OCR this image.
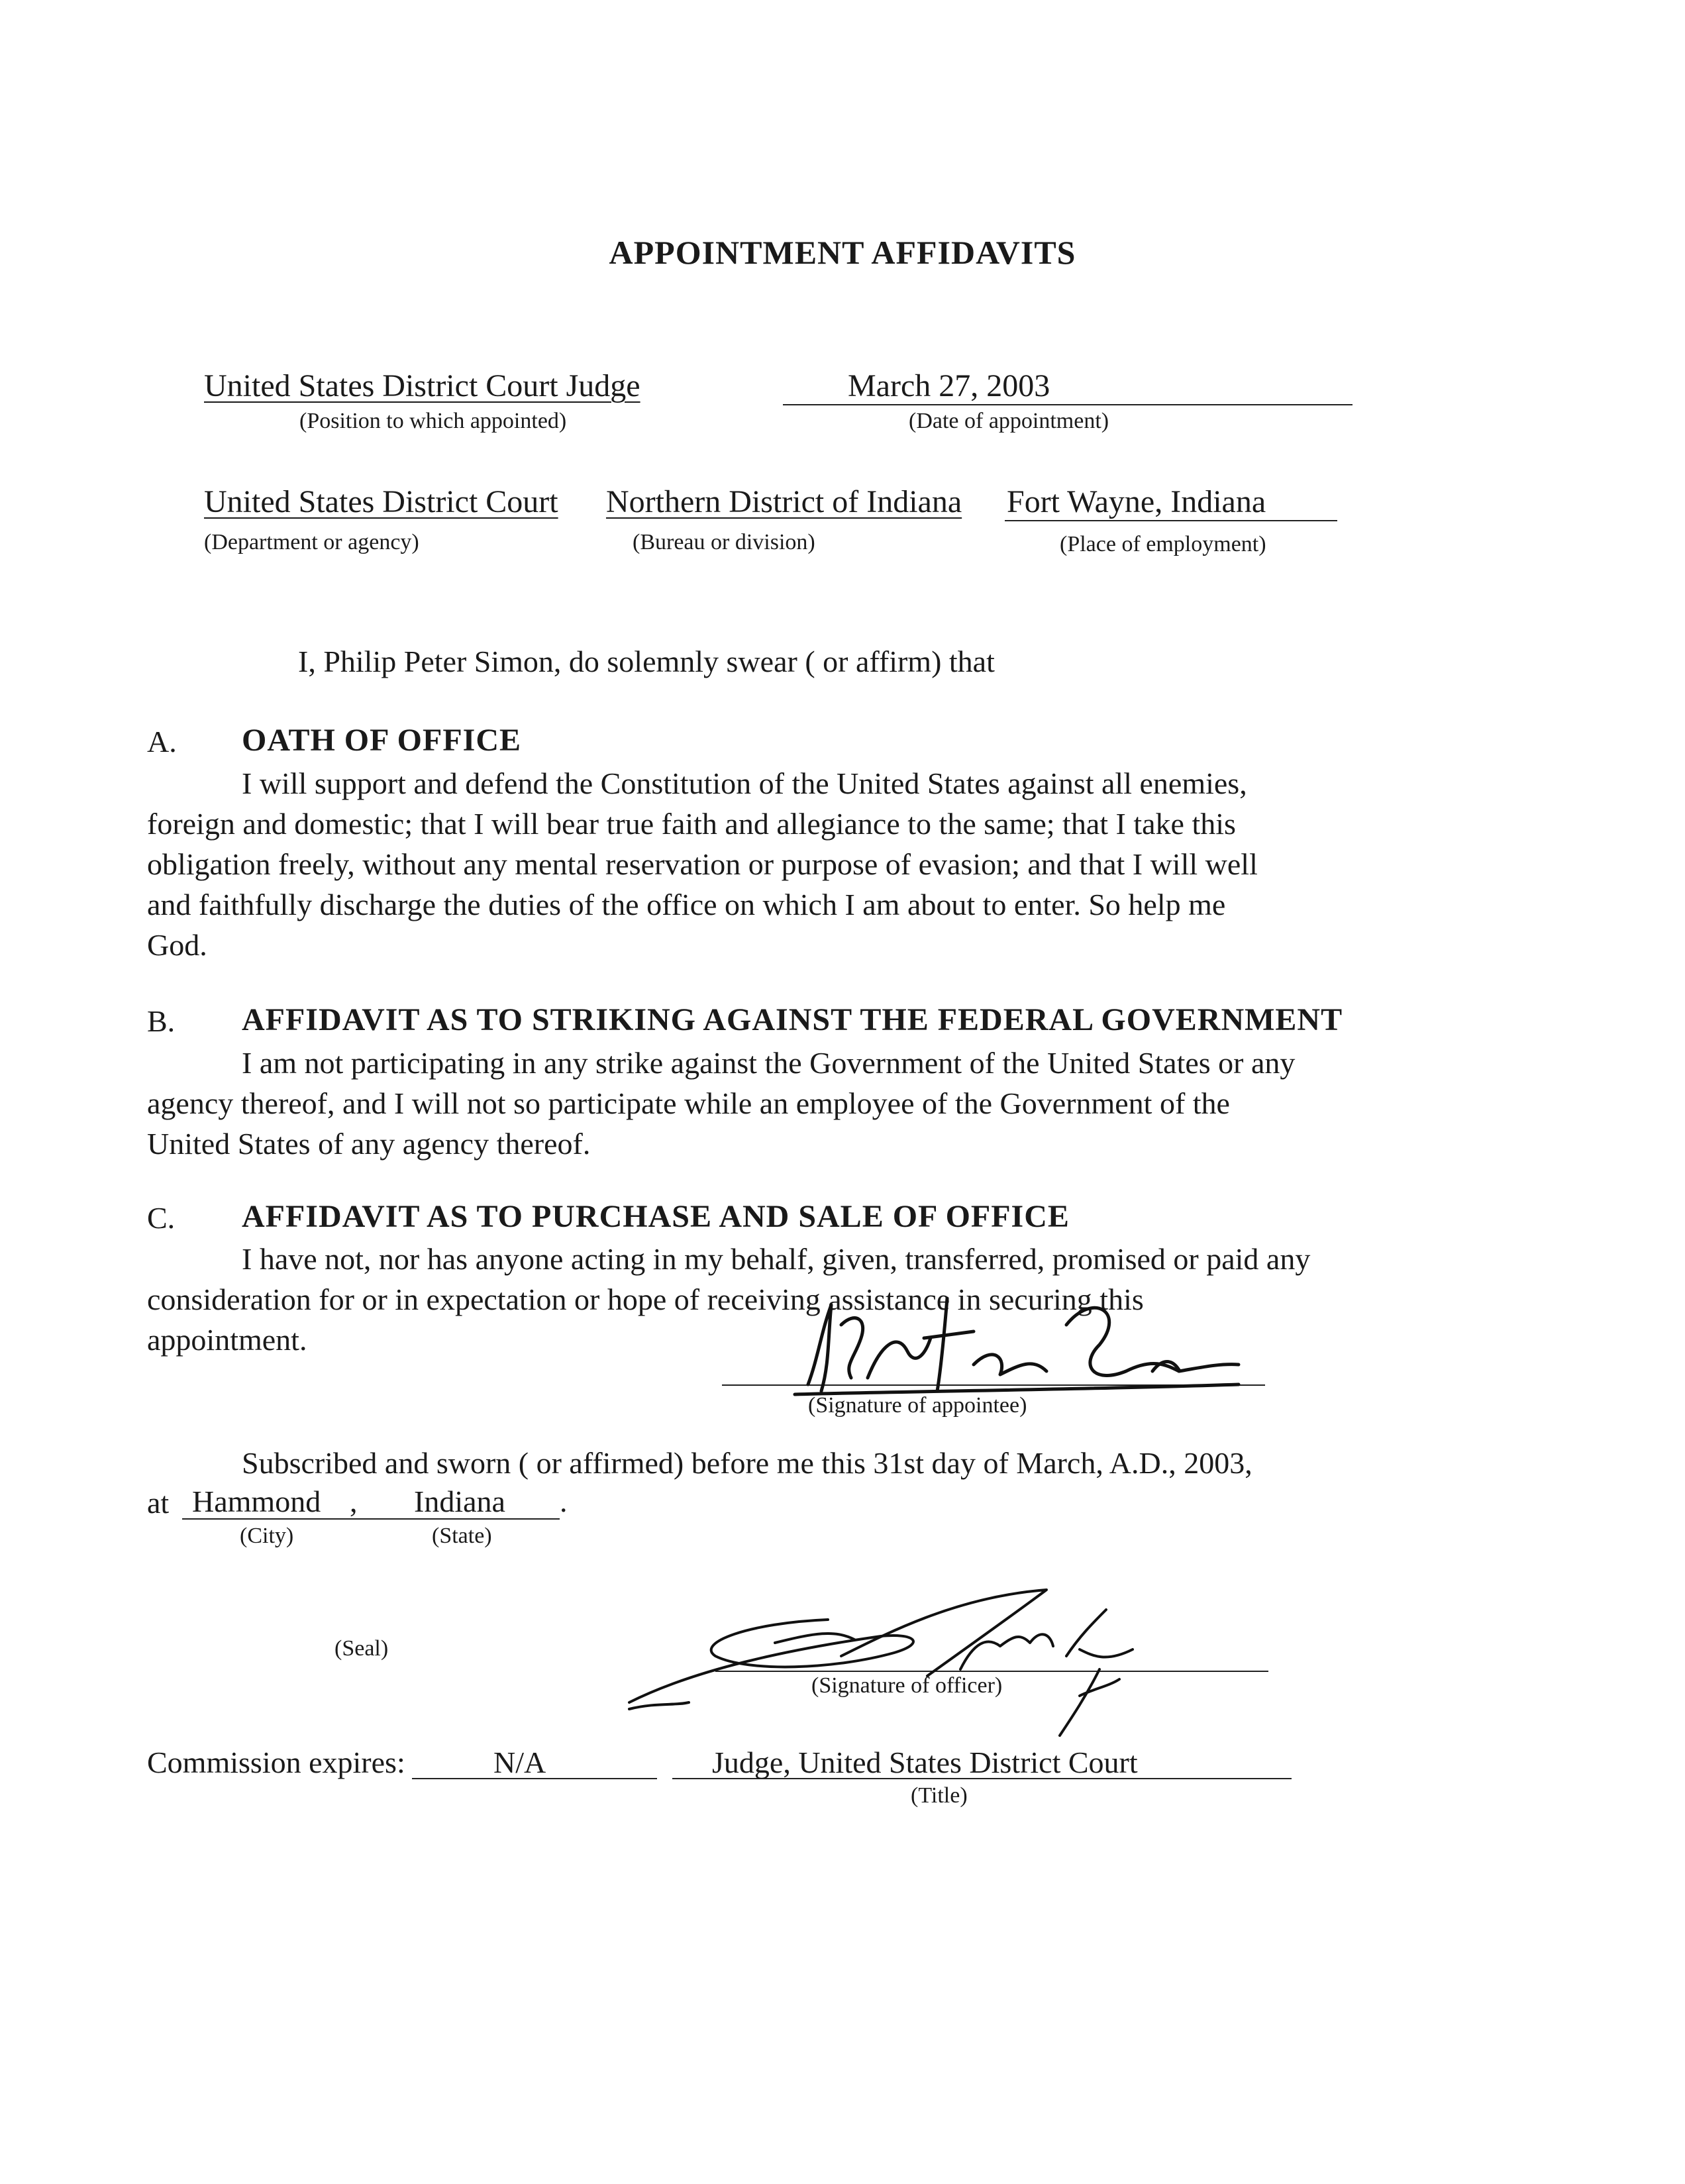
APPOINTMENT AFFIDAVITS
United States District Court Judge
(Position to which appointed)
March 27, 2003
(Date of appointment)
United States District Court
(Department or agency)
Northern District of Indiana
(Bureau or division)
Fort Wayne, Indiana
(Place of employment)
I, Philip Peter Simon, do solemnly swear ( or affirm) that
A. OATH OF OFFICE
I will support and defend the Constitution of the United States against all enemies,
foreign and domestic; that I will bear true faith and allegiance to the same; that I take this
obligation freely, without any mental reservation or purpose of evasion; and that I will well
and faithfully discharge the duties of the office on which I am about to enter. So help me
God.
B. AFFIDAVIT AS TO STRIKING AGAINST THE FEDERAL GOVERNMENT
I am not participating in any strike against the Government of the United States or any
agency thereof, and I will not so participate while an employee of the Government of the
United States of any agency thereof.
C. AFFIDAVIT AS TO PURCHASE AND SALE OF OFFICE
I have not, nor has anyone acting in my behalf, given, transferred, promised or paid any
consideration for or in expectation or hope of receiving assistance in securing this
appointment.
(Signature of appointee)
Subscribed and sworn ( or affirmed) before me this 31st day of March, A.D., 2003,
at Hammond , Indiana .
(City)	(State)
(Seal)
(Signature of officer)
Commission expires:	N/A	Judge, United States District Court
(Title)
